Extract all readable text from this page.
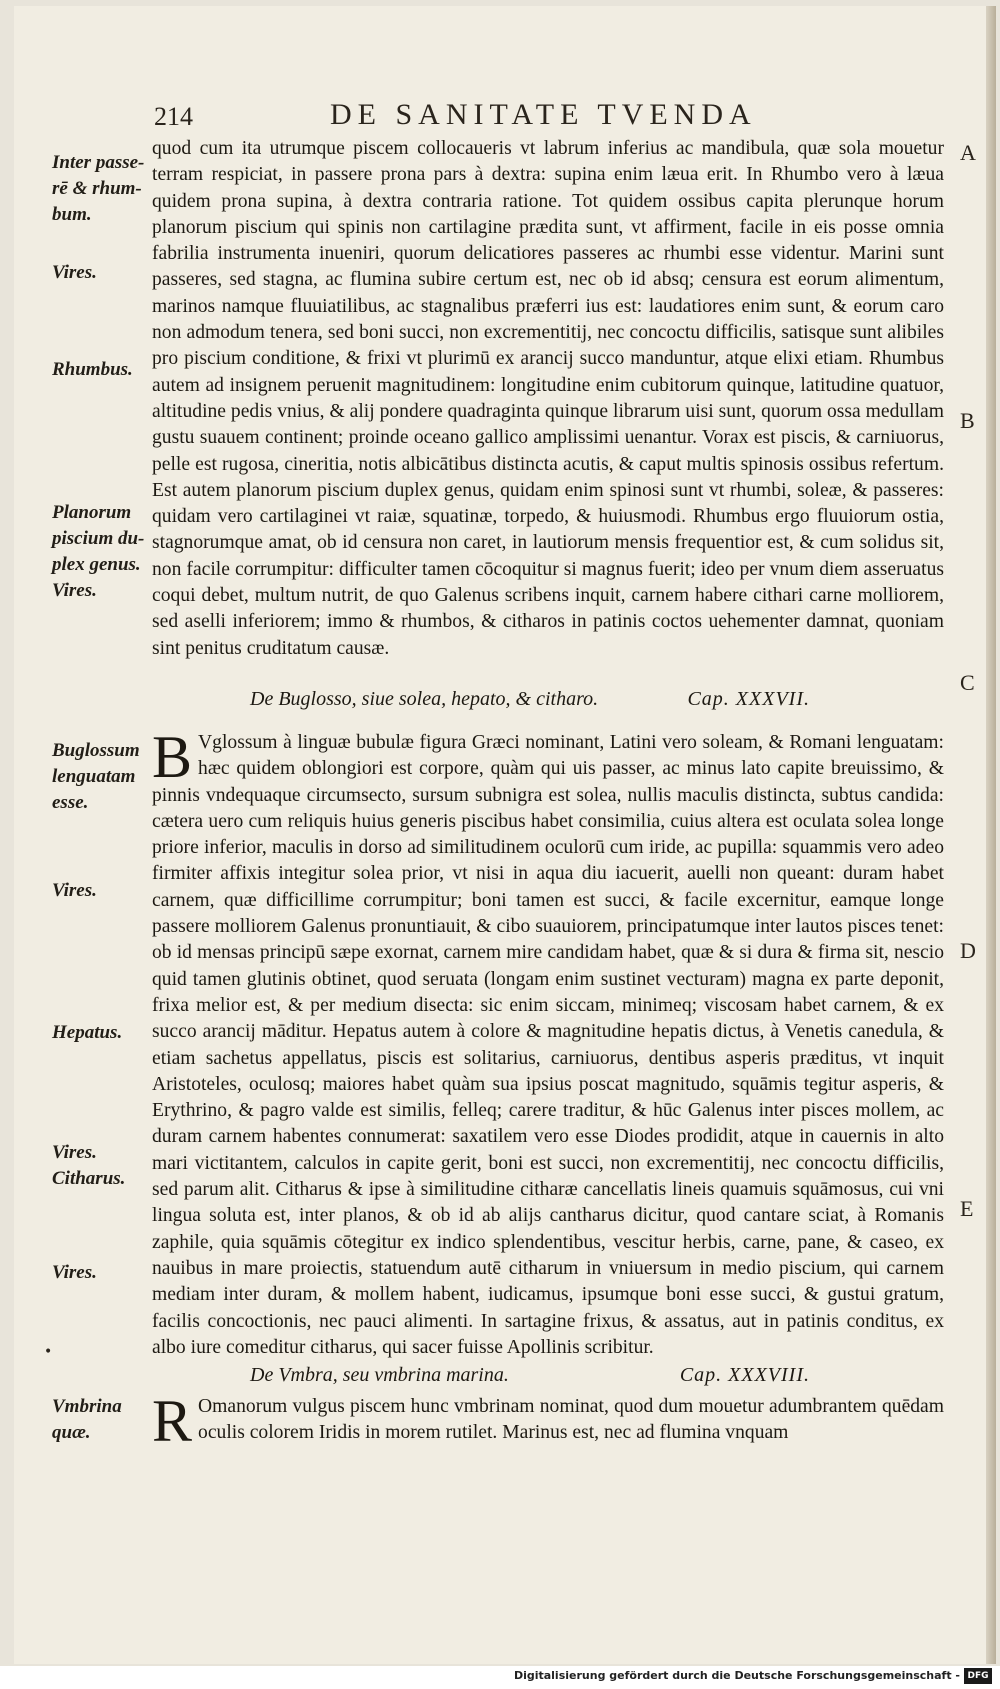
214	DE SANITATE TVENDA
Inter passe-rē & rhum-bum.
Vires.
Rhumbus.
Planorum piscium du-plex genus.
Vires.
Buglossum lenguatam esse.
Vires.
Hepatus.
Vires.
Citharus.
Vires.
Vmbrina quæ.
A
B
C
D
E

quod cum ita utrumque piscem collocaueris vt labrum inferius ac mandibula, quæ sola mouetur terram respiciat, in passere prona pars à dextra: supina enim læua erit. In Rhumbo vero à læua quidem prona supina, à dextra contraria ratione. Tot quidem ossibus capita plerunque horum planorum piscium qui spinis non cartilagine prædita sunt, vt affirment, facile in eis posse omnia fabrilia instrumenta inueniri, quorum delicatiores passeres ac rhumbi esse videntur. Marini sunt passeres, sed stagna, ac flumina subire certum est, nec ob id absq; censura est eorum alimentum, marinos namque fluuiatilibus, ac stagnalibus præferri ius est: laudatiores enim sunt, & eorum caro non admodum tenera, sed boni succi, non excrementitij, nec concoctu difficilis, satisque sunt alibiles pro piscium conditione, & frixi vt plurimū ex arancij succo manduntur, atque elixi etiam. Rhumbus autem ad insignem peruenit magnitudinem: longitudine enim cubitorum quinque, latitudine quatuor, altitudine pedis vnius, & alij pondere quadraginta quinque librarum uisi sunt, quorum ossa medullam gustu suauem continent; proinde oceano gallico amplissimi uenantur. Vorax est piscis, & carniuorus, pelle est rugosa, cineritia, notis albicātibus distincta acutis, & caput multis spinosis ossibus refertum. Est autem planorum piscium duplex genus, quidam enim spinosi sunt vt rhumbi, soleæ, & passeres: quidam vero cartilaginei vt raiæ, squatinæ, torpedo, & huiusmodi. Rhumbus ergo fluuiorum ostia, stagnorumque amat, ob id censura non caret, in lautiorum mensis frequentior est, & cum solidus sit, non facile corrumpitur: difficulter tamen cōcoquitur si magnus fuerit; ideo per vnum diem asseruatus coqui debet, multum nutrit, de quo Galenus scribens inquit, carnem habere cithari carne molliorem, sed aselli inferiorem; immo & rhumbos, & citharos in patinis coctos uehementer damnat, quoniam sint penitus cruditatum causæ.

De Buglosso, siue solea, hepato, & citharo.	Cap. XXXVII.

B Vglossum à linguæ bubulæ figura Græci nominant, Latini vero soleam, & Romani lenguatam: hæc quidem oblongiori est corpore, quàm qui uis passer, ac minus lato capite breuissimo, & pinnis vndequaque circumsecto, sursum subnigra est solea, nullis maculis distincta, subtus candida: cætera uero cum reliquis huius generis piscibus habet consimilia, cuius altera est oculata solea longe priore inferior, maculis in dorso ad similitudinem oculorū cum iride, ac pupilla: squammis vero adeo firmiter affixis integitur solea prior, vt nisi in aqua diu iacuerit, auelli non queant: duram habet carnem, quæ difficillime corrumpitur; boni tamen est succi, & facile excernitur, eamque longe passere molliorem Galenus pronuntiauit, & cibo suauiorem, principatumque inter lautos pisces tenet: ob id mensas principū sæpe exornat, carnem mire candidam habet, quæ & si dura & firma sit, nescio quid tamen glutinis obtinet, quod seruata (longam enim sustinet vecturam) magna ex parte deponit, frixa melior est, & per medium disecta: sic enim siccam, minimeq; viscosam habet carnem, & ex succo arancij māditur. Hepatus autem à colore & magnitudine hepatis dictus, à Venetis canedula, & etiam sachetus appellatus, piscis est solitarius, carniuorus, dentibus asperis præditus, vt inquit Aristoteles, oculosq; maiores habet quàm sua ipsius poscat magnitudo, squāmis tegitur asperis, & Erythrino, & pagro valde est similis, felleq; carere traditur, & hūc Galenus inter pisces mollem, ac duram carnem habentes connumerat: saxatilem vero esse Diodes prodidit, atque in cauernis in alto mari victitantem, calculos in capite gerit, boni est succi, non excrementitij, nec concoctu difficilis, sed parum alit. Citharus & ipse à similitudine citharæ cancellatis lineis quamuis squāmosus, cui vni lingua soluta est, inter planos, & ob id ab alijs cantharus dicitur, quod cantare sciat, à Romanis zaphile, quia squāmis cōtegitur ex indico splendentibus, vescitur herbis, carne, pane, & caseo, ex nauibus in mare proiectis, statuendum autē citharum in vniuersum in medio piscium, qui carnem mediam inter duram, & mollem habent, iudicamus, ipsumque boni esse succi, & gustui gratum, facilis concoctionis, nec pauci alimenti. In sartagine frixus, & assatus, aut in patinis conditus, ex albo iure comeditur citharus, qui sacer fuisse Apollinis scribitur.

De Vmbra, seu vmbrina marina.	Cap. XXXVIII.

R Omanorum vulgus piscem hunc vmbrinam nominat, quod dum mouetur adumbrantem quēdam oculis colorem Iridis in morem rutilet. Marinus est, nec ad flumina vnquam

•
Digitalisierung gefördert durch die Deutsche Forschungsgemeinschaft - DFG
